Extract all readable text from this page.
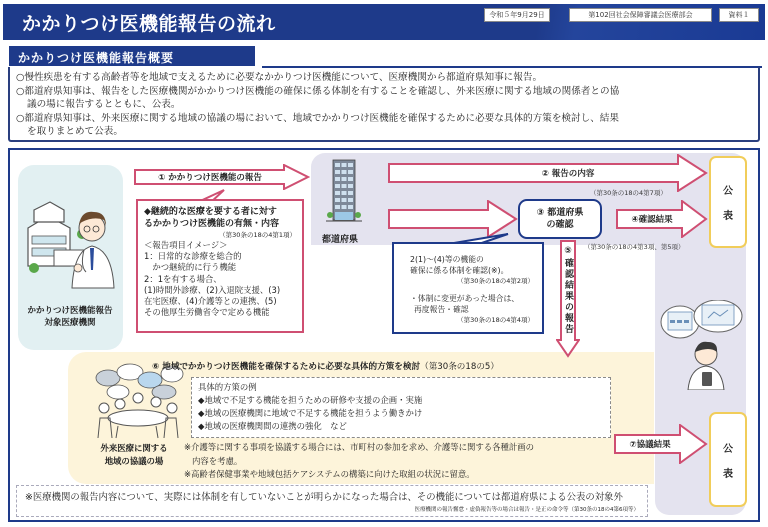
かかりつけ医機能報告の流れ	令和５年9月29日	第102回社会保障審議会医療部会	資料１
かかりつけ医機能報告概要

○慢性疾患を有する高齢者等を地域で支えるために必要なかかりつけ医機能について、医療機関から都道府県知事に報告。

○都道府県知事は、報告をした医療機関がかかりつけ医機能の確保に係る体制を有することを確認し、外来医療に関する地域の関係者との協

議の場に報告するとともに、公表。

○都道府県知事は、外来医療に関する地域の協議の場において、地域でかかりつけ医機能を確保するために必要な具体的方策を検討し、結果

を取りまとめて公表。

かかりつけ医機能報告
対象医療機関
① かかりつけ医機能の報告
◆継続的な医療を要する者に対す
るかかりつけ医機能の有無・内容
（第30条の18の4第1項）
＜報告項目イメージ＞
1：日常的な診療を総合的
　かつ継続的に行う機能
2：1を有する場合、
(1)時間外診療、(2)入退院支援、(3)
在宅医療、(4)介護等との連携、(5)
その他厚生労働省令で定める機能
都道府県
② 報告の内容
（第30条の18の4第7項）
③ 都道府県
の確認	④確認結果
（第30条の18の4第3項、第5項）
公
表
2(1)～(4)等の機能の
確保に係る体制を確認(※)。
（第30条の18の4第2項）
・体制に変更があった場合は、
再度報告・確認
（第30条の18の4第4項）	⑤確認結果の報告
⑥ 地域でかかりつけ医機能を確保するために必要な具体的方策を検討（第30条の18の5）
具体的方策の例
◆地域で不足する機能を担うための研修や支援の企画・実施
◆地域の医療機関に地域で不足する機能を担うよう働きかけ
◆地域の医療機関間の連携の強化　など
外来医療に関する
地域の協議の場
※介護等に関する事項を協議する場合には、市町村の参加を求め、介護等に関する各種計画の
内容を考慮。
※高齢者保健事業や地域包括ケアシステムの構築に向けた取組の状況に留意。
⑦協議結果	公
表
※医療機関の報告内容について、実際には体制を有していないことが明らかになった場合は、その機能については都道府県による公表の対象外
医療機関の報告懈怠・虚偽報告等の場合は報告・是正の命令等（第30条の18の4第6項等）
